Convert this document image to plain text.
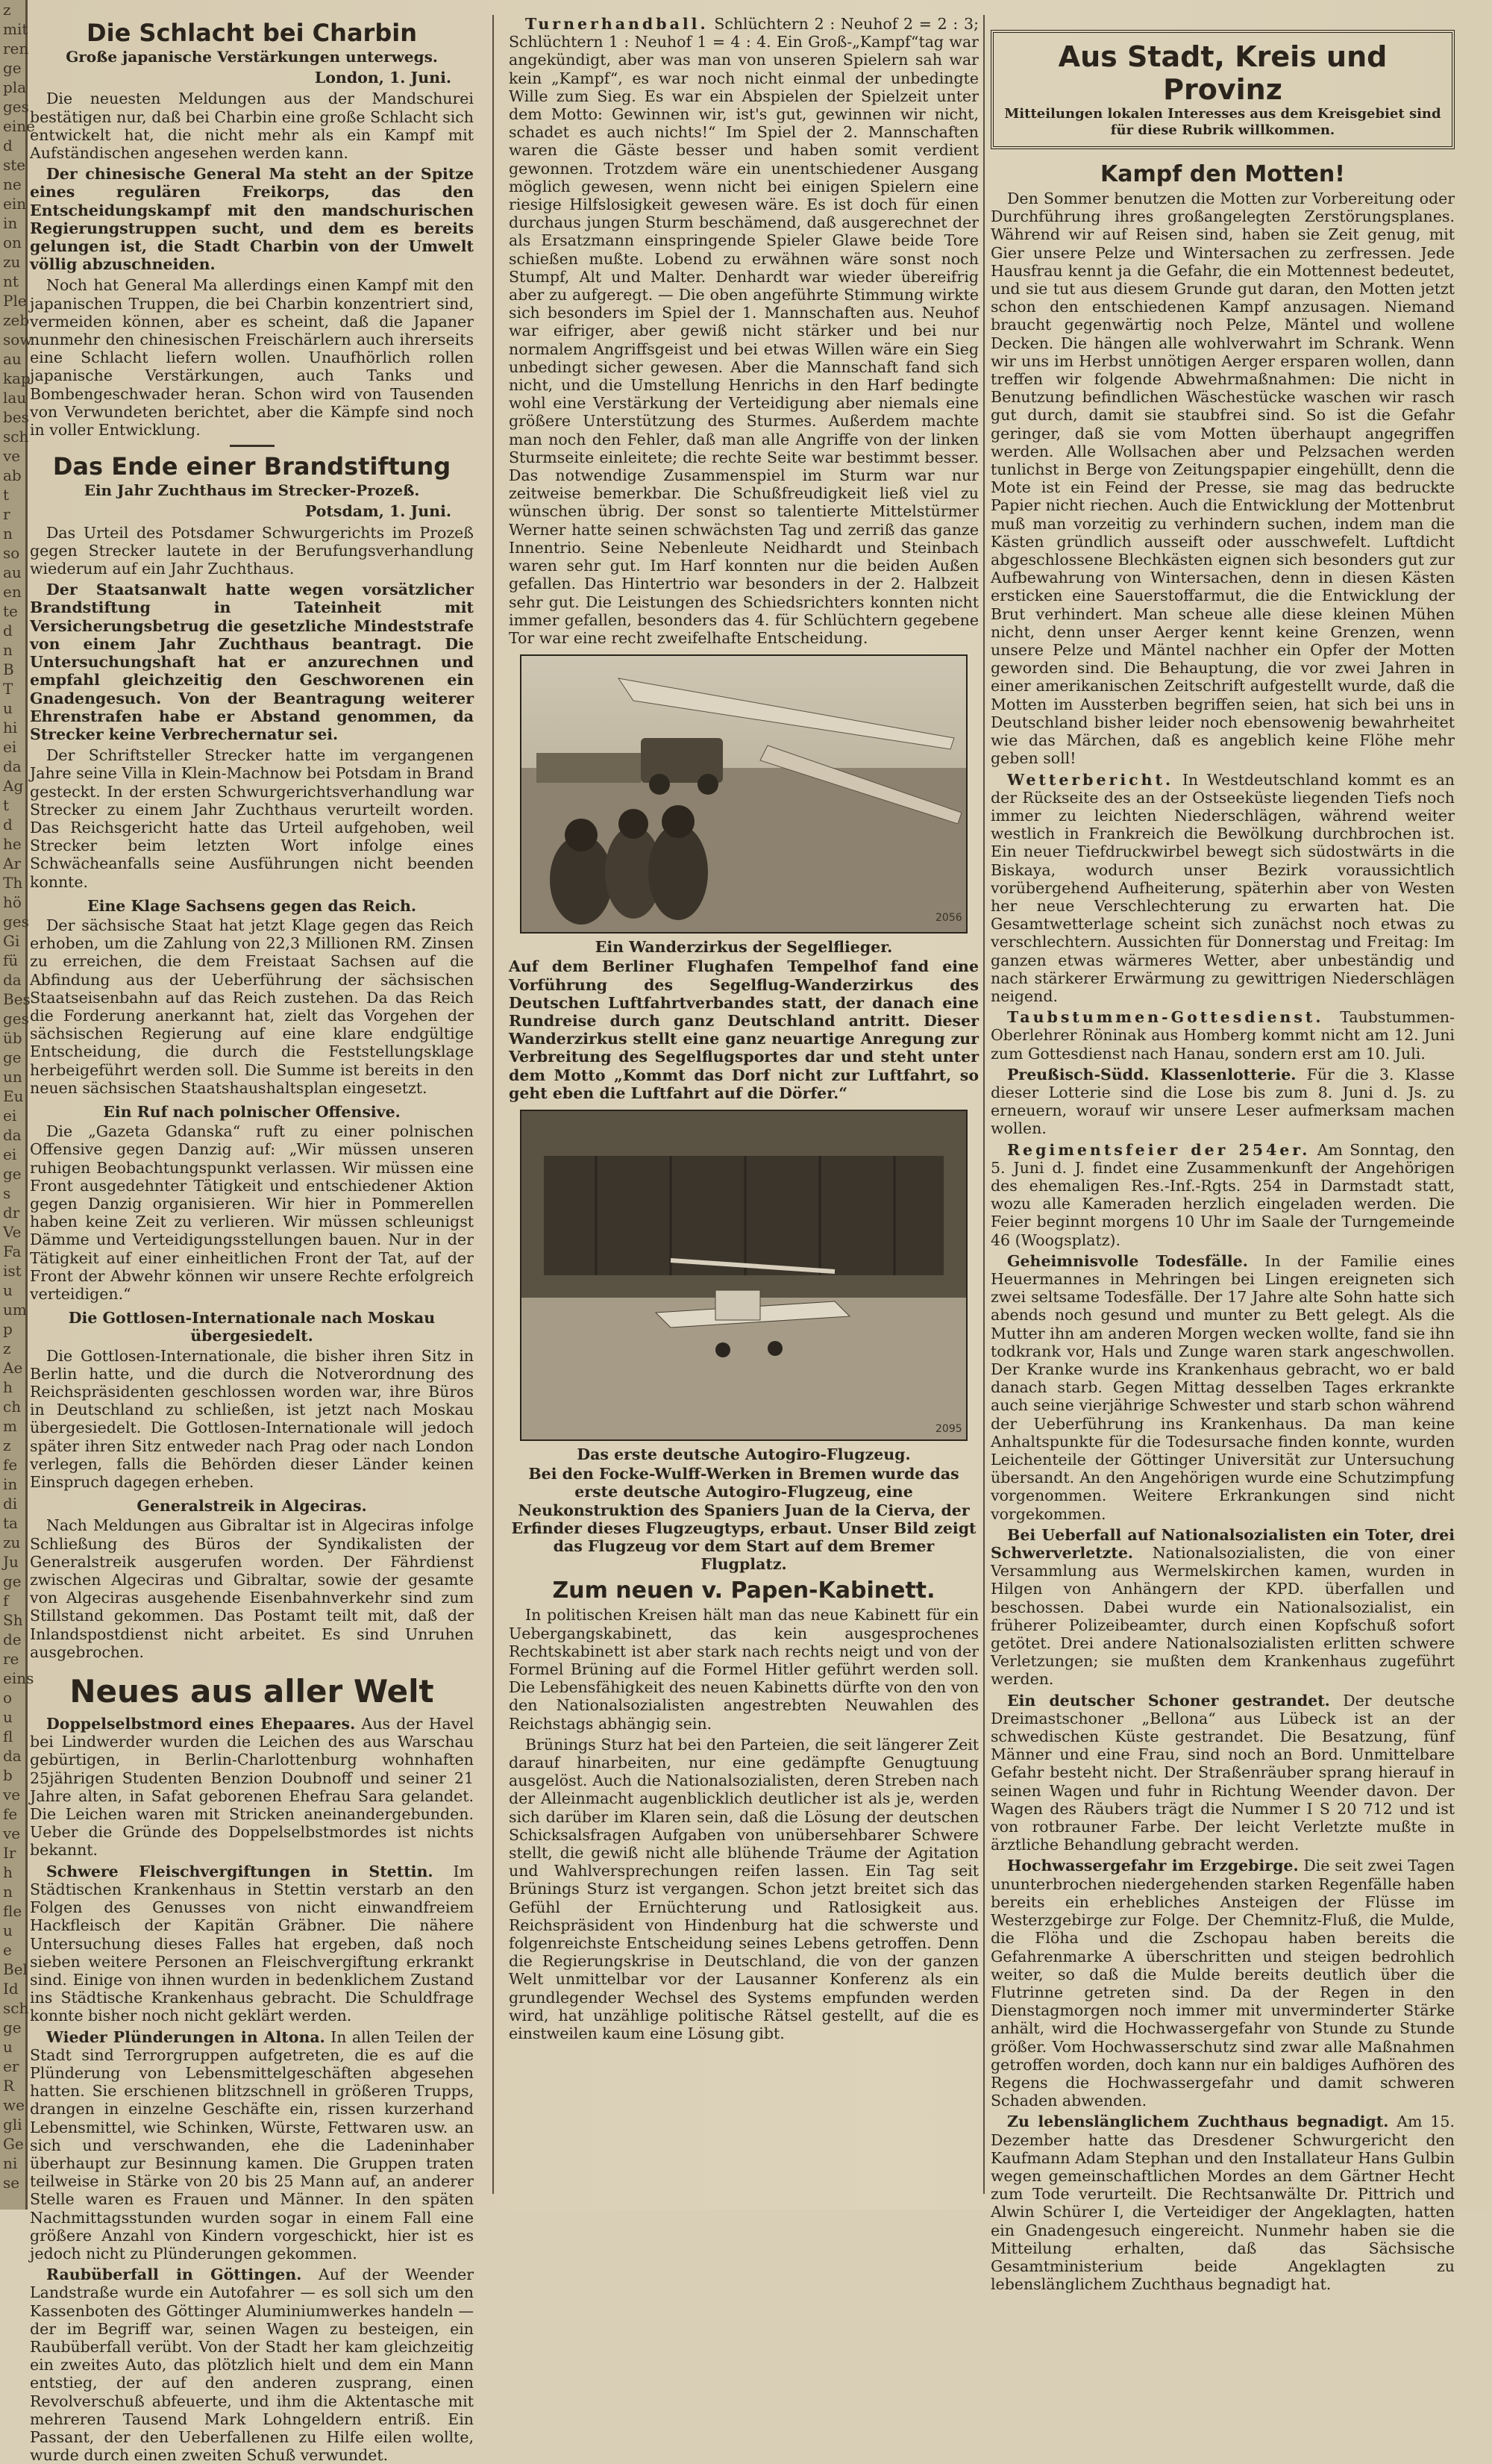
z
mit
ren
ge
pla
ges
eine
d
ste
ne
ein
in
on
zu
nt
Ple
zeb
sow
au
kap
lau
bes
sch
ve
ab
t
r
n
so
au
en
te
d
n
B
T
u
hi
ei
da
Ag
t
d
he
Ar
Th
hö
ges
Gi
fü
da
Bes
ges
üb
ge
un
Eu
ei
da
ei
ge
s
dr
Ve
Fa
ist
u
um
p
z
Ae
h
ch
m
z
fe
in
di
ta
zu
Ju
ge
f
Sh
de
re
eins
o
u
fl
da
b
ve
fe
ve
Ir
h
n
fle
u
e
Bel
Id
sch
ge
u
er
R
we
gli
Ge
ni
se
Die Schlacht bei Charbin
Große japanische Verstärkungen unterwegs.
London, 1. Juni.

Die neuesten Meldungen aus der Mandschurei bestätigen nur, daß bei Charbin eine große Schlacht sich entwickelt hat, die nicht mehr als ein Kampf mit Aufständischen angesehen werden kann.

Der chinesische General Ma steht an der Spitze eines regulären Freikorps, das den Entscheidungskampf mit den mandschurischen Regierungstruppen sucht, und dem es bereits gelungen ist, die Stadt Charbin von der Umwelt völlig abzuschneiden.

Noch hat General Ma allerdings einen Kampf mit den japanischen Truppen, die bei Charbin konzentriert sind, vermeiden können, aber es scheint, daß die Japaner nunmehr den chinesischen Freischärlern auch ihrerseits eine Schlacht liefern wollen. Unaufhörlich rollen japanische Verstärkungen, auch Tanks und Bombengeschwader heran. Schon wird von Tausenden von Verwundeten berichtet, aber die Kämpfe sind noch in voller Entwicklung.

Das Ende einer Brandstiftung
Ein Jahr Zuchthaus im Strecker-Prozeß.
Potsdam, 1. Juni.

Das Urteil des Potsdamer Schwurgerichts im Prozeß gegen Strecker lautete in der Berufungsverhandlung wiederum auf ein Jahr Zuchthaus.

Der Staatsanwalt hatte wegen vorsätzlicher Brandstiftung in Tateinheit mit Versicherungsbetrug die gesetzliche Mindeststrafe von einem Jahr Zuchthaus beantragt. Die Untersuchungshaft hat er anzurechnen und empfahl gleichzeitig den Geschworenen ein Gnadengesuch. Von der Beantragung weiterer Ehrenstrafen habe er Abstand genommen, da Strecker keine Verbrechernatur sei.

Der Schriftsteller Strecker hatte im vergangenen Jahre seine Villa in Klein-Machnow bei Potsdam in Brand gesteckt. In der ersten Schwurgerichtsverhandlung war Strecker zu einem Jahr Zuchthaus verurteilt worden. Das Reichsgericht hatte das Urteil aufgehoben, weil Strecker beim letzten Wort infolge eines Schwächeanfalls seine Ausführungen nicht beenden konnte.

Eine Klage Sachsens gegen das Reich.

Der sächsische Staat hat jetzt Klage gegen das Reich erhoben, um die Zahlung von 22,3 Millionen RM. Zinsen zu erreichen, die dem Freistaat Sachsen auf die Abfindung aus der Ueberführung der sächsischen Staatseisenbahn auf das Reich zustehen. Da das Reich die Forderung anerkannt hat, zielt das Vorgehen der sächsischen Regierung auf eine klare endgültige Entscheidung, die durch die Feststellungsklage herbeigeführt werden soll. Die Summe ist bereits in den neuen sächsischen Staatshaushaltsplan eingesetzt.

Ein Ruf nach polnischer Offensive.

Die „Gazeta Gdanska“ ruft zu einer polnischen Offensive gegen Danzig auf: „Wir müssen unseren ruhigen Beobachtungspunkt verlassen. Wir müssen eine Front ausgedehnter Tätigkeit und entschiedener Aktion gegen Danzig organisieren. Wir hier in Pommerellen haben keine Zeit zu verlieren. Wir müssen schleunigst Dämme und Verteidigungsstellungen bauen. Nur in der Tätigkeit auf einer einheitlichen Front der Tat, auf der Front der Abwehr können wir unsere Rechte erfolgreich verteidigen.“

Die Gottlosen-Internationale nach Moskau übergesiedelt.

Die Gottlosen-Internationale, die bisher ihren Sitz in Berlin hatte, und die durch die Notverordnung des Reichspräsidenten geschlossen worden war, ihre Büros in Deutschland zu schließen, ist jetzt nach Moskau übergesiedelt. Die Gottlosen-Internationale will jedoch später ihren Sitz entweder nach Prag oder nach London verlegen, falls die Behörden dieser Länder keinen Einspruch dagegen erheben.

Generalstreik in Algeciras.

Nach Meldungen aus Gibraltar ist in Algeciras infolge Schließung des Büros der Syndikalisten der Generalstreik ausgerufen worden. Der Fährdienst zwischen Algeciras und Gibraltar, sowie der gesamte von Algeciras ausgehende Eisenbahnverkehr sind zum Stillstand gekommen. Das Postamt teilt mit, daß der Inlandspostdienst nicht arbeitet. Es sind Unruhen ausgebrochen.

Neues aus aller Welt

Doppelselbstmord eines Ehepaares. Aus der Havel bei Lindwerder wurden die Leichen des aus Warschau gebürtigen, in Berlin-Charlottenburg wohnhaften 25jährigen Studenten Benzion Doubnoff und seiner 21 Jahre alten, in Safat geborenen Ehefrau Sara gelandet. Die Leichen waren mit Stricken aneinandergebunden. Ueber die Gründe des Doppelselbstmordes ist nichts bekannt.

Schwere Fleischvergiftungen in Stettin. Im Städtischen Krankenhaus in Stettin verstarb an den Folgen des Genusses von nicht einwandfreiem Hackfleisch der Kapitän Gräbner. Die nähere Untersuchung dieses Falles hat ergeben, daß noch sieben weitere Personen an Fleischvergiftung erkrankt sind. Einige von ihnen wurden in bedenklichem Zustand ins Städtische Krankenhaus gebracht. Die Schuldfrage konnte bisher noch nicht geklärt werden.

Wieder Plünderungen in Altona. In allen Teilen der Stadt sind Terrorgruppen aufgetreten, die es auf die Plünderung von Lebensmittelgeschäften abgesehen hatten. Sie erschienen blitzschnell in größeren Trupps, drangen in einzelne Geschäfte ein, rissen kurzerhand Lebensmittel, wie Schinken, Würste, Fettwaren usw. an sich und verschwanden, ehe die Ladeninhaber überhaupt zur Besinnung kamen. Die Gruppen traten teilweise in Stärke von 20 bis 25 Mann auf, an anderer Stelle waren es Frauen und Männer. In den späten Nachmittagsstunden wurden sogar in einem Fall eine größere Anzahl von Kindern vorgeschickt, hier ist es jedoch nicht zu Plünderungen gekommen.

Raubüberfall in Göttingen. Auf der Weender Landstraße wurde ein Autofahrer — es soll sich um den Kassenboten des Göttinger Aluminiumwerkes handeln — der im Begriff war, seinen Wagen zu besteigen, ein Raubüberfall verübt. Von der Stadt her kam gleichzeitig ein zweites Auto, das plötzlich hielt und dem ein Mann entstieg, der auf den anderen zusprang, einen Revolverschuß abfeuerte, und ihm die Aktentasche mit mehreren Tausend Mark Lohngeldern entriß. Ein Passant, der den Ueberfallenen zu Hilfe eilen wollte, wurde durch einen zweiten Schuß verwundet.

Turnerhandball. Schlüchtern 2 : Neuhof 2 = 2 : 3; Schlüchtern 1 : Neuhof 1 = 4 : 4. Ein Groß-„Kampf“tag war angekündigt, aber was man von unseren Spielern sah war kein „Kampf“, es war noch nicht einmal der unbedingte Wille zum Sieg. Es war ein Abspielen der Spielzeit unter dem Motto: Gewinnen wir, ist's gut, gewinnen wir nicht, schadet es auch nichts!“ Im Spiel der 2. Mannschaften waren die Gäste besser und haben somit verdient gewonnen. Trotzdem wäre ein unentschiedener Ausgang möglich gewesen, wenn nicht bei einigen Spielern eine riesige Hilfslosigkeit gewesen wäre. Es ist doch für einen durchaus jungen Sturm beschämend, daß ausgerechnet der als Ersatzmann einspringende Spieler Glawe beide Tore schießen mußte. Lobend zu erwähnen wäre sonst noch Stumpf, Alt und Malter. Denhardt war wieder übereifrig aber zu aufgeregt. — Die oben angeführte Stimmung wirkte sich besonders im Spiel der 1. Mannschaften aus. Neuhof war eifriger, aber gewiß nicht stärker und bei nur normalem Angriffsgeist und bei etwas Willen wäre ein Sieg unbedingt sicher gewesen. Aber die Mannschaft fand sich nicht, und die Umstellung Henrichs in den Harf bedingte wohl eine Verstärkung der Verteidigung aber niemals eine größere Unterstützung des Sturmes. Außerdem machte man noch den Fehler, daß man alle Angriffe von der linken Sturmseite einleitete; die rechte Seite war bestimmt besser. Das notwendige Zusammenspiel im Sturm war nur zeitweise bemerkbar. Die Schußfreudigkeit ließ viel zu wünschen übrig. Der sonst so talentierte Mittelstürmer Werner hatte seinen schwächsten Tag und zerriß das ganze Innentrio. Seine Nebenleute Neidhardt und Steinbach waren sehr gut. Im Harf konnten nur die beiden Außen gefallen. Das Hintertrio war besonders in der 2. Halbzeit sehr gut. Die Leistungen des Schiedsrichters konnten nicht immer gefallen, besonders das 4. für Schlüchtern gegebene Tor war eine recht zweifelhafte Entscheidung.

2056
Ein Wanderzirkus der Segelflieger.

Auf dem Berliner Flughafen Tempelhof fand eine Vorführung des Segelflug-Wanderzirkus des Deutschen Luftfahrtverbandes statt, der danach eine Rundreise durch ganz Deutschland antritt. Dieser Wanderzirkus stellt eine ganz neuartige Anregung zur Verbreitung des Segelflugsportes dar und steht unter dem Motto „Kommt das Dorf nicht zur Luftfahrt, so geht eben die Luftfahrt auf die Dörfer.“

2095
Das erste deutsche Autogiro-Flugzeug.

Bei den Focke-Wulff-Werken in Bremen wurde das erste deutsche Autogiro-Flugzeug, eine Neukonstruktion des Spaniers Juan de la Cierva, der Erfinder dieses Flugzeugtyps, erbaut. Unser Bild zeigt das Flugzeug vor dem Start auf dem Bremer Flugplatz.

Zum neuen v. Papen-Kabinett.

In politischen Kreisen hält man das neue Kabinett für ein Uebergangskabinett, das kein ausgesprochenes Rechtskabinett ist aber stark nach rechts neigt und von der Formel Brüning auf die Formel Hitler geführt werden soll. Die Lebensfähigkeit des neuen Kabinetts dürfte von den von den Nationalsozialisten angestrebten Neuwahlen des Reichstags abhängig sein.

Brünings Sturz hat bei den Parteien, die seit längerer Zeit darauf hinarbeiten, nur eine gedämpfte Genugtuung ausgelöst. Auch die Nationalsozialisten, deren Streben nach der Alleinmacht augenblicklich deutlicher ist als je, werden sich darüber im Klaren sein, daß die Lösung der deutschen Schicksalsfragen Aufgaben von unübersehbarer Schwere stellt, die gewiß nicht alle blühende Träume der Agitation und Wahlversprechungen reifen lassen. Ein Tag seit Brünings Sturz ist vergangen. Schon jetzt breitet sich das Gefühl der Ernüchterung und Ratlosigkeit aus. Reichspräsident von Hindenburg hat die schwerste und folgenreichste Entscheidung seines Lebens getroffen. Denn die Regierungskrise in Deutschland, die von der ganzen Welt unmittelbar vor der Lausanner Konferenz als ein grundlegender Wechsel des Systems empfunden werden wird, hat unzählige politische Rätsel gestellt, auf die es einstweilen kaum eine Lösung gibt.

Aus Stadt, Kreis und Provinz
Mitteilungen lokalen Interesses aus dem Kreisgebiet sind für diese Rubrik willkommen.
Kampf den Motten!

Den Sommer benutzen die Motten zur Vorbereitung oder Durchführung ihres großangelegten Zerstörungsplanes. Während wir auf Reisen sind, haben sie Zeit genug, mit Gier unsere Pelze und Wintersachen zu zerfressen. Jede Hausfrau kennt ja die Gefahr, die ein Mottennest bedeutet, und sie tut aus diesem Grunde gut daran, den Motten jetzt schon den entschiedenen Kampf anzusagen. Niemand braucht gegenwärtig noch Pelze, Mäntel und wollene Decken. Die hängen alle wohlverwahrt im Schrank. Wenn wir uns im Herbst unnötigen Aerger ersparen wollen, dann treffen wir folgende Abwehrmaßnahmen: Die nicht in Benutzung befindlichen Wäschestücke waschen wir rasch gut durch, damit sie staubfrei sind. So ist die Gefahr geringer, daß sie vom Motten überhaupt angegriffen werden. Alle Wollsachen aber und Pelzsachen werden tunlichst in Berge von Zeitungspapier eingehüllt, denn die Mote ist ein Feind der Presse, sie mag das bedruckte Papier nicht riechen. Auch die Entwicklung der Mottenbrut muß man vorzeitig zu verhindern suchen, indem man die Kästen gründlich ausseift oder ausschwefelt. Luftdicht abgeschlossene Blechkästen eignen sich besonders gut zur Aufbewahrung von Wintersachen, denn in diesen Kästen ersticken eine Sauerstoffarmut, die die Entwicklung der Brut verhindert. Man scheue alle diese kleinen Mühen nicht, denn unser Aerger kennt keine Grenzen, wenn unsere Pelze und Mäntel nachher ein Opfer der Motten geworden sind. Die Behauptung, die vor zwei Jahren in einer amerikanischen Zeitschrift aufgestellt wurde, daß die Motten im Aussterben begriffen seien, hat sich bei uns in Deutschland bisher leider noch ebensowenig bewahrheitet wie das Märchen, daß es angeblich keine Flöhe mehr geben soll!

Wetterbericht. In Westdeutschland kommt es an der Rückseite des an der Ostseeküste liegenden Tiefs noch immer zu leichten Niederschlägen, während weiter westlich in Frankreich die Bewölkung durchbrochen ist. Ein neuer Tiefdruckwirbel bewegt sich südostwärts in die Biskaya, wodurch unser Bezirk voraussichtlich vorübergehend Aufheiterung, späterhin aber von Westen her neue Verschlechterung zu erwarten hat. Die Gesamtwetterlage scheint sich zunächst noch etwas zu verschlechtern. Aussichten für Donnerstag und Freitag: Im ganzen etwas wärmeres Wetter, aber unbeständig und nach stärkerer Erwärmung zu gewittrigen Niederschlägen neigend.

Taubstummen-Gottesdienst. Taubstummen-Oberlehrer Röninak aus Homberg kommt nicht am 12. Juni zum Gottesdienst nach Hanau, sondern erst am 10. Juli.

Preußisch-Südd. Klassenlotterie. Für die 3. Klasse dieser Lotterie sind die Lose bis zum 8. Juni d. Js. zu erneuern, worauf wir unsere Leser aufmerksam machen wollen.

Regimentsfeier der 254er. Am Sonntag, den 5. Juni d. J. findet eine Zusammenkunft der Angehörigen des ehemaligen Res.-Inf.-Rgts. 254 in Darmstadt statt, wozu alle Kameraden herzlich eingeladen werden. Die Feier beginnt morgens 10 Uhr im Saale der Turngemeinde 46 (Woogsplatz).

Geheimnisvolle Todesfälle. In der Familie eines Heuermannes in Mehringen bei Lingen ereigneten sich zwei seltsame Todesfälle. Der 17 Jahre alte Sohn hatte sich abends noch gesund und munter zu Bett gelegt. Als die Mutter ihn am anderen Morgen wecken wollte, fand sie ihn todkrank vor, Hals und Zunge waren stark angeschwollen. Der Kranke wurde ins Krankenhaus gebracht, wo er bald danach starb. Gegen Mittag desselben Tages erkrankte auch seine vierjährige Schwester und starb schon während der Ueberführung ins Krankenhaus. Da man keine Anhaltspunkte für die Todesursache finden konnte, wurden Leichenteile der Göttinger Universität zur Untersuchung übersandt. An den Angehörigen wurde eine Schutzimpfung vorgenommen. Weitere Erkrankungen sind nicht vorgekommen.

Bei Ueberfall auf Nationalsozialisten ein Toter, drei Schwerverletzte. Nationalsozialisten, die von einer Versammlung aus Wermelskirchen kamen, wurden in Hilgen von Anhängern der KPD. überfallen und beschossen. Dabei wurde ein Nationalsozialist, ein früherer Polizeibeamter, durch einen Kopfschuß sofort getötet. Drei andere Nationalsozialisten erlitten schwere Verletzungen; sie mußten dem Krankenhaus zugeführt werden.

Ein deutscher Schoner gestrandet. Der deutsche Dreimastschoner „Bellona“ aus Lübeck ist an der schwedischen Küste gestrandet. Die Besatzung, fünf Männer und eine Frau, sind noch an Bord. Unmittelbare Gefahr besteht nicht. Der Straßenräuber sprang hierauf in seinen Wagen und fuhr in Richtung Weender davon. Der Wagen des Räubers trägt die Nummer I S 20 712 und ist von rotbrauner Farbe. Der leicht Verletzte mußte in ärztliche Behandlung gebracht werden.

Hochwassergefahr im Erzgebirge. Die seit zwei Tagen ununterbrochen niedergehenden starken Regenfälle haben bereits ein erhebliches Ansteigen der Flüsse im Westerzgebirge zur Folge. Der Chemnitz-Fluß, die Mulde, die Flöha und die Zschopau haben bereits die Gefahrenmarke A überschritten und steigen bedrohlich weiter, so daß die Mulde bereits deutlich über die Flutrinne getreten sind. Da der Regen in den Dienstagmorgen noch immer mit unverminderter Stärke anhält, wird die Hochwassergefahr von Stunde zu Stunde größer. Vom Hochwasserschutz sind zwar alle Maßnahmen getroffen worden, doch kann nur ein baldiges Aufhören des Regens die Hochwassergefahr und damit schweren Schaden abwenden.

Zu lebenslänglichem Zuchthaus begnadigt. Am 15. Dezember hatte das Dresdener Schwurgericht den Kaufmann Adam Stephan und den Installateur Hans Gulbin wegen gemeinschaftlichen Mordes an dem Gärtner Hecht zum Tode verurteilt. Die Rechtsanwälte Dr. Pittrich und Alwin Schürer I, die Verteidiger der Angeklagten, hatten ein Gnadengesuch eingereicht. Nunmehr haben sie die Mitteilung erhalten, daß das Sächsische Gesamtministerium beide Angeklagten zu lebenslänglichem Zuchthaus begnadigt hat.
